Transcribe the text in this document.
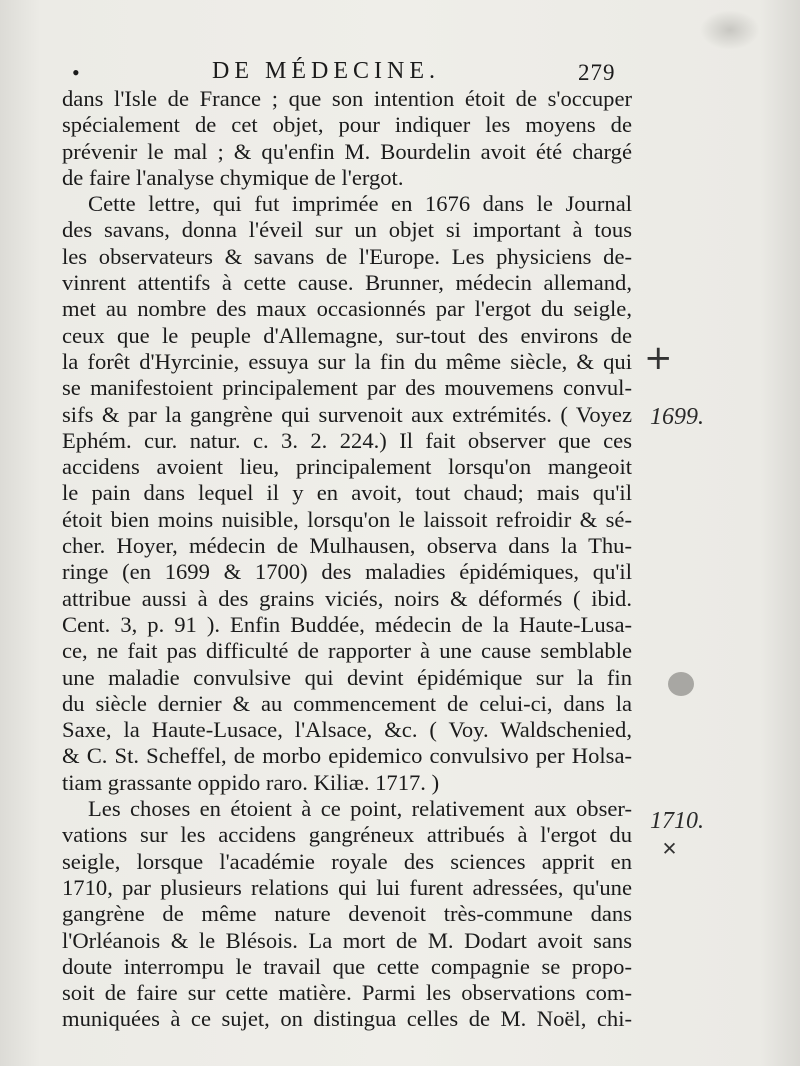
•	DE MÉDECINE.	279
dans l'Isle de France ; que son intention étoit de s'occuper
spécialement de cet objet, pour indiquer les moyens de
prévenir le mal ; & qu'enfin M. Bourdelin avoit été chargé
de faire l'analyse chymique de l'ergot.
Cette lettre, qui fut imprimée en 1676 dans le Journal
des savans, donna l'éveil sur un objet si important à tous
les observateurs & savans de l'Europe. Les physiciens de-
vinrent attentifs à cette cause. Brunner, médecin allemand,
met au nombre des maux occasionnés par l'ergot du seigle,
ceux que le peuple d'Allemagne, sur-tout des environs de
la forêt d'Hyrcinie, essuya sur la fin du même siècle, & qui
se manifestoient principalement par des mouvemens convul-
sifs & par la gangrène qui survenoit aux extrémités. ( Voyez
Ephém. cur. natur. c. 3. 2. 224.) Il fait observer que ces
accidens avoient lieu, principalement lorsqu'on mangeoit
le pain dans lequel il y en avoit, tout chaud; mais qu'il
étoit bien moins nuisible, lorsqu'on le laissoit refroidir & sé-
cher. Hoyer, médecin de Mulhausen, observa dans la Thu-
ringe (en 1699 & 1700) des maladies épidémiques, qu'il
attribue aussi à des grains viciés, noirs & déformés ( ibid.
Cent. 3, p. 91 ). Enfin Buddée, médecin de la Haute-Lusa-
ce, ne fait pas difficulté de rapporter à une cause semblable
une maladie convulsive qui devint épidémique sur la fin
du siècle dernier & au commencement de celui-ci, dans la
Saxe, la Haute-Lusace, l'Alsace, &c. ( Voy. Waldschenied,
& C. St. Scheffel, de morbo epidemico convulsivo per Holsa-
tiam grassante oppido raro. Kiliæ. 1717. )
Les choses en étoient à ce point, relativement aux obser-
vations sur les accidens gangréneux attribués à l'ergot du
seigle, lorsque l'académie royale des sciences apprit en
1710, par plusieurs relations qui lui furent adressées, qu'une
gangrène de même nature devenoit très-commune dans
l'Orléanois & le Blésois. La mort de M. Dodart avoit sans
doute interrompu le travail que cette compagnie se propo-
soit de faire sur cette matière. Parmi les observations com-
muniquées à ce sujet, on distingua celles de M. Noël, chi-
+
1699.
1710.
+
